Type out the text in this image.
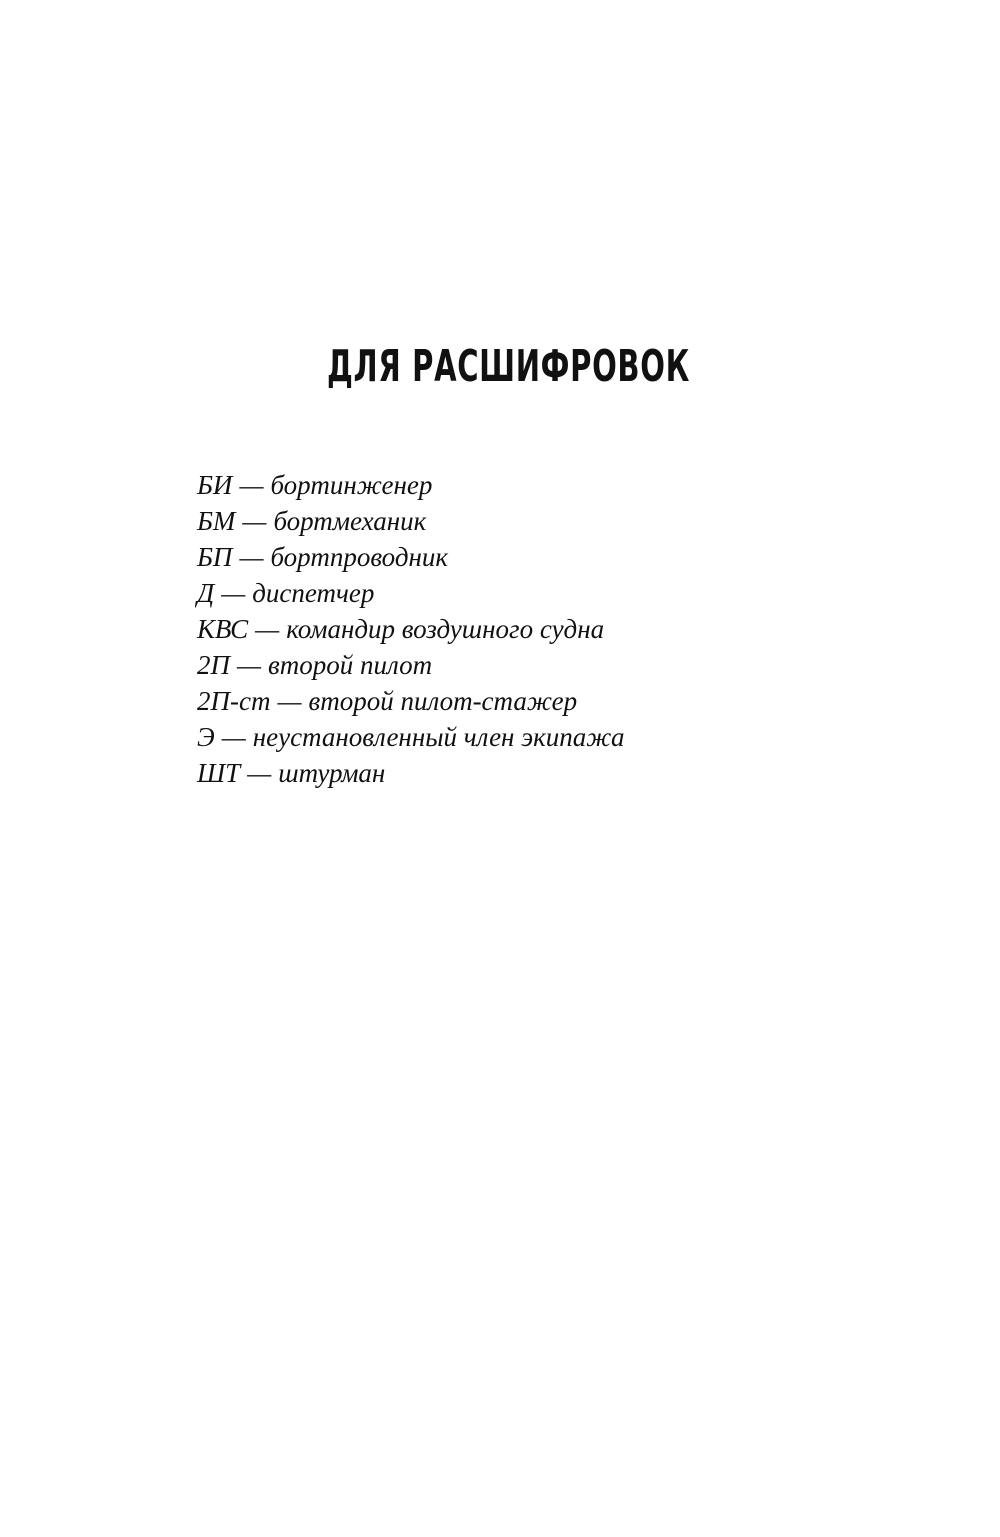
ДЛЯ РАСШИФРОВОК
БИ — бортинженер
БМ — бортмеханик
БП — бортпроводник
Д — диспетчер
КВС — командир воздушного судна
2П — второй пилот
2П-ст — второй пилот-стажер
Э — неустановленный член экипажа
ШТ — штурман
